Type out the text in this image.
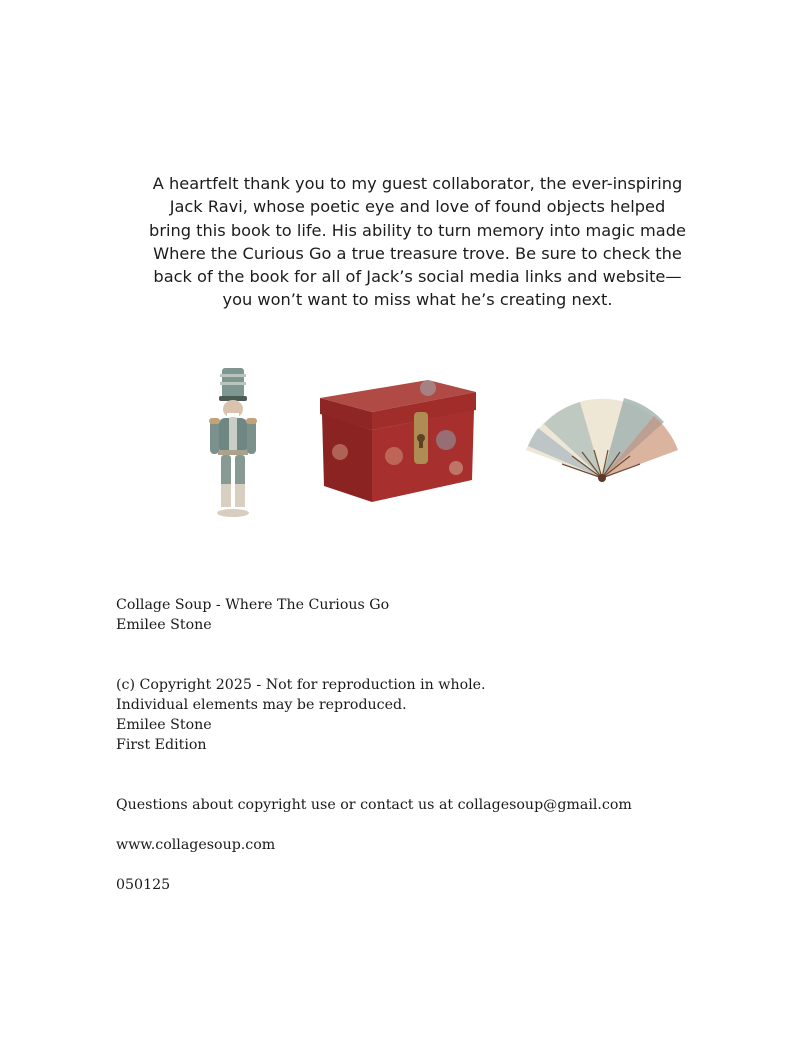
A heartfelt thank you to my guest collaborator, the ever-inspiring
Jack Ravi, whose poetic eye and love of found objects helped
bring this book to life. His ability to turn memory into magic made
Where the Curious Go a true treasure trove. Be sure to check the
back of the book for all of Jack’s social media links and website—
you won’t want to miss what he’s creating next.
Collage Soup - Where The Curious Go
Emilee Stone
(c) Copyright 2025 - Not for reproduction in whole.
Individual elements may be reproduced.
Emilee Stone
First Edition
Questions about copyright use or contact us at collagesoup@gmail.com
www.collagesoup.com
050125
